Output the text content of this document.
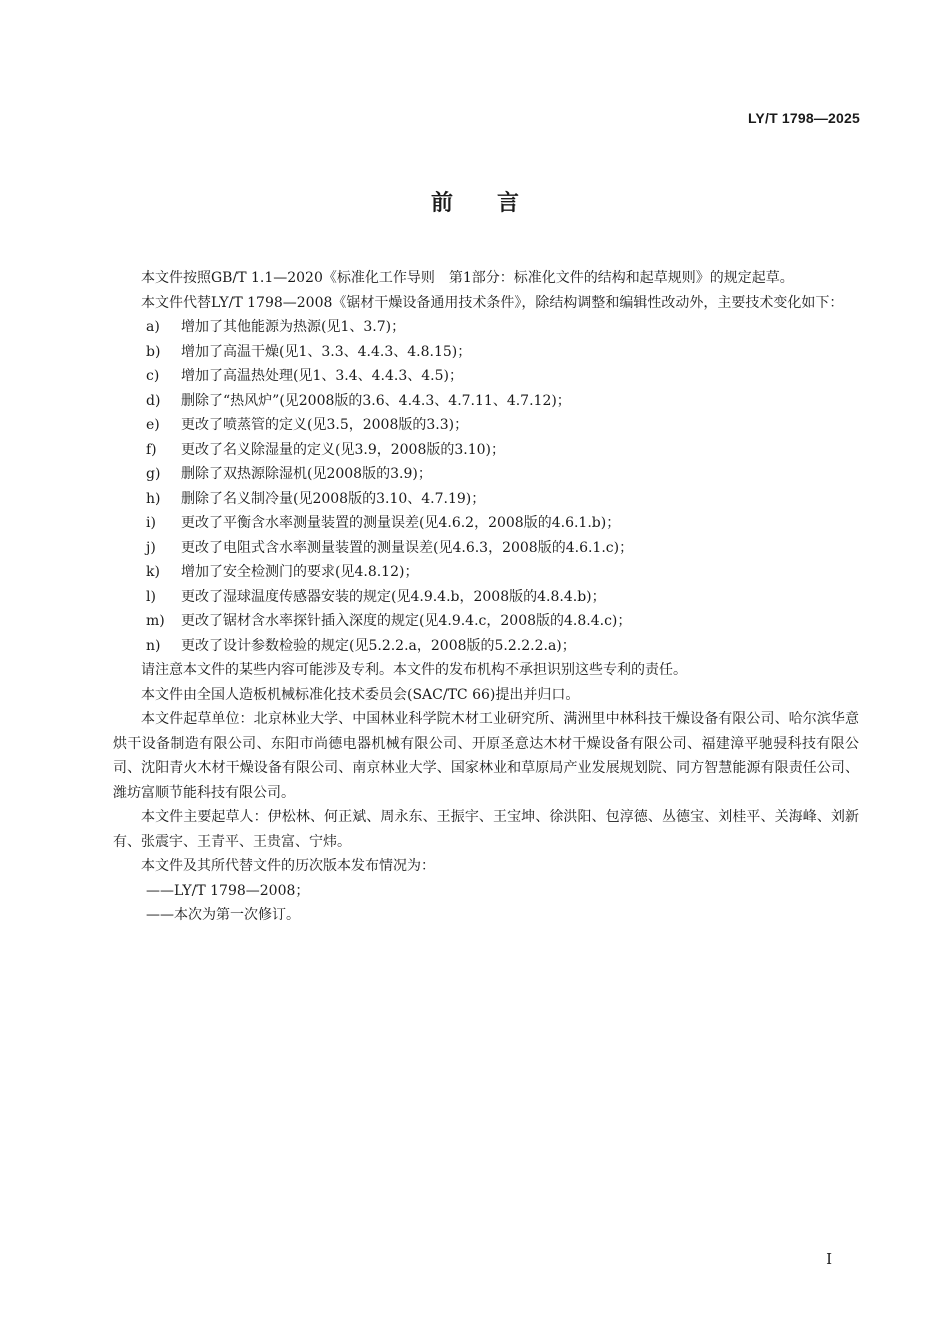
LY/T 1798—2025
前言

本文件按照GB/T 1.1—2020《标准化工作导则　第1部分：标准化文件的结构和起草规则》的规定起草。

本文件代替LY/T 1798—2008《锯材干燥设备通用技术条件》，除结构调整和编辑性改动外，主要技术变化如下：

a)	增加了其他能源为热源(见1、3.7)；
b)	增加了高温干燥(见1、3.3、4.4.3、4.8.15)；
c)	增加了高温热处理(见1、3.4、4.4.3、4.5)；
d)	删除了“热风炉”(见2008版的3.6、4.4.3、4.7.11、4.7.12)；
e)	更改了喷蒸管的定义(见3.5，2008版的3.3)；
f)	更改了名义除湿量的定义(见3.9，2008版的3.10)；
g)	删除了双热源除湿机(见2008版的3.9)；
h)	删除了名义制冷量(见2008版的3.10、4.7.19)；
i)	更改了平衡含水率测量装置的测量误差(见4.6.2，2008版的4.6.1.b)；
j)	更改了电阻式含水率测量装置的测量误差(见4.6.3，2008版的4.6.1.c)；
k)	增加了安全检测门的要求(见4.8.12)；
l)	更改了湿球温度传感器安装的规定(见4.9.4.b，2008版的4.8.4.b)；
m)	更改了锯材含水率探针插入深度的规定(见4.9.4.c，2008版的4.8.4.c)；
n)	更改了设计参数检验的规定(见5.2.2.a，2008版的5.2.2.2.a)；

请注意本文件的某些内容可能涉及专利。本文件的发布机构不承担识别这些专利的责任。

本文件由全国人造板机械标准化技术委员会(SAC/TC 66)提出并归口。

本文件起草单位：北京林业大学、中国林业科学院木材工业研究所、满洲里中林科技干燥设备有限公司、哈尔滨华意烘干设备制造有限公司、东阳市尚德电器机械有限公司、开原圣意达木材干燥设备有限公司、福建漳平驰骎科技有限公司、沈阳青火木材干燥设备有限公司、南京林业大学、国家林业和草原局产业发展规划院、同方智慧能源有限责任公司、潍坊富顺节能科技有限公司。

本文件主要起草人：伊松林、何正斌、周永东、王振宇、王宝坤、徐洪阳、包淳德、丛德宝、刘桂平、关海峰、刘新有、张震宇、王青平、王贵富、宁炜。

本文件及其所代替文件的历次版本发布情况为：

——LY/T 1798—2008；
——本次为第一次修订。
I
